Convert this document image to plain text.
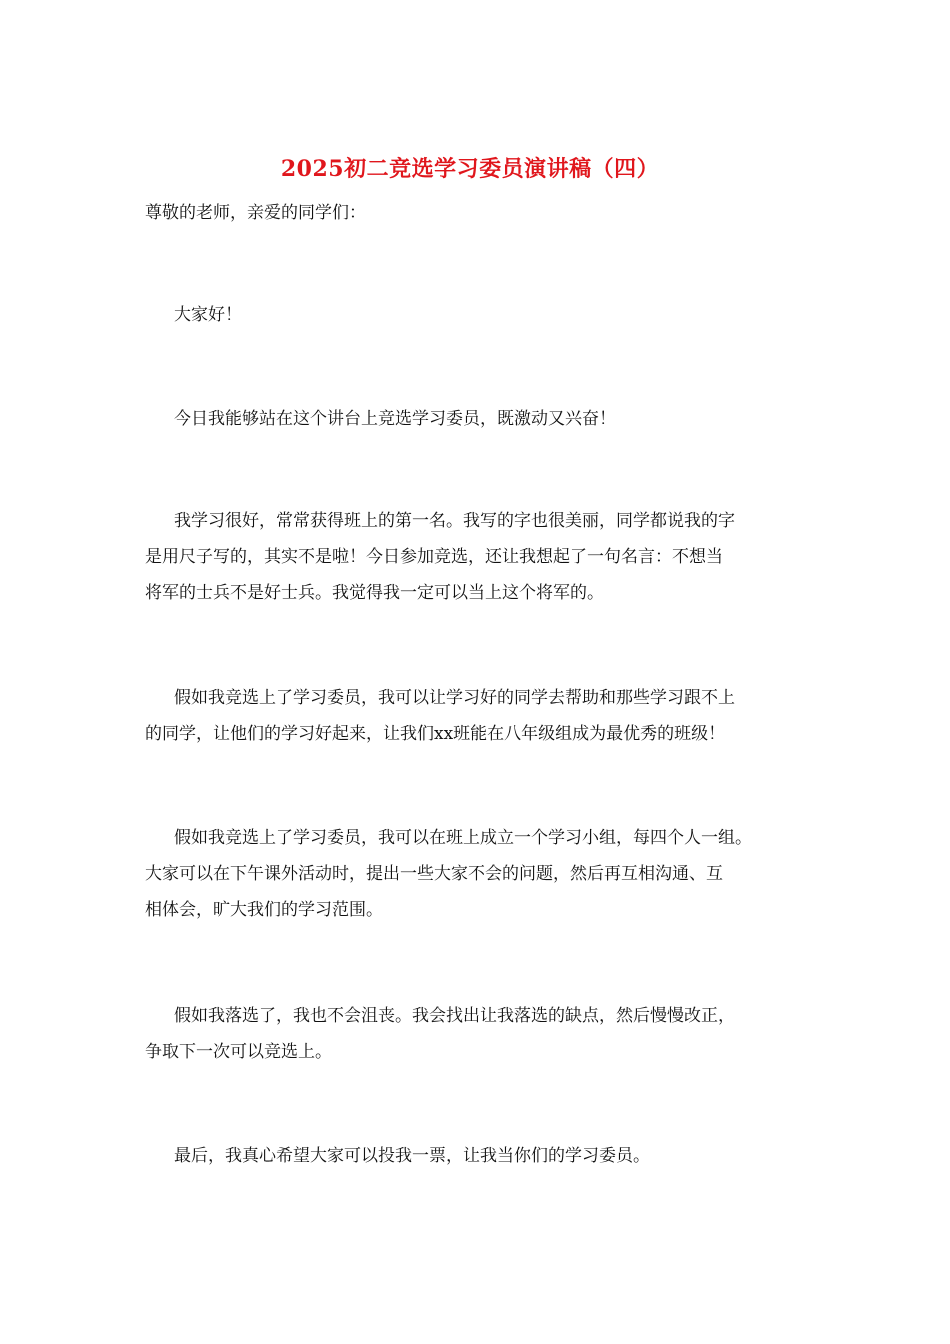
2025初二竞选学习委员演讲稿（四）
尊敬的老师，亲爱的同学们：
大家好！
今日我能够站在这个讲台上竞选学习委员，既激动又兴奋！
我学习很好，常常获得班上的第一名。我写的字也很美丽，同学都说我的字
是用尺子写的，其实不是啦！今日参加竞选，还让我想起了一句名言：不想当
将军的士兵不是好士兵。我觉得我一定可以当上这个将军的。
假如我竞选上了学习委员，我可以让学习好的同学去帮助和那些学习跟不上
的同学，让他们的学习好起来，让我们xx班能在八年级组成为最优秀的班级！
假如我竞选上了学习委员，我可以在班上成立一个学习小组，每四个人一组。
大家可以在下午课外活动时，提出一些大家不会的问题，然后再互相沟通、互
相体会，旷大我们的学习范围。
假如我落选了，我也不会沮丧。我会找出让我落选的缺点，然后慢慢改正，
争取下一次可以竞选上。
最后，我真心希望大家可以投我一票，让我当你们的学习委员。
